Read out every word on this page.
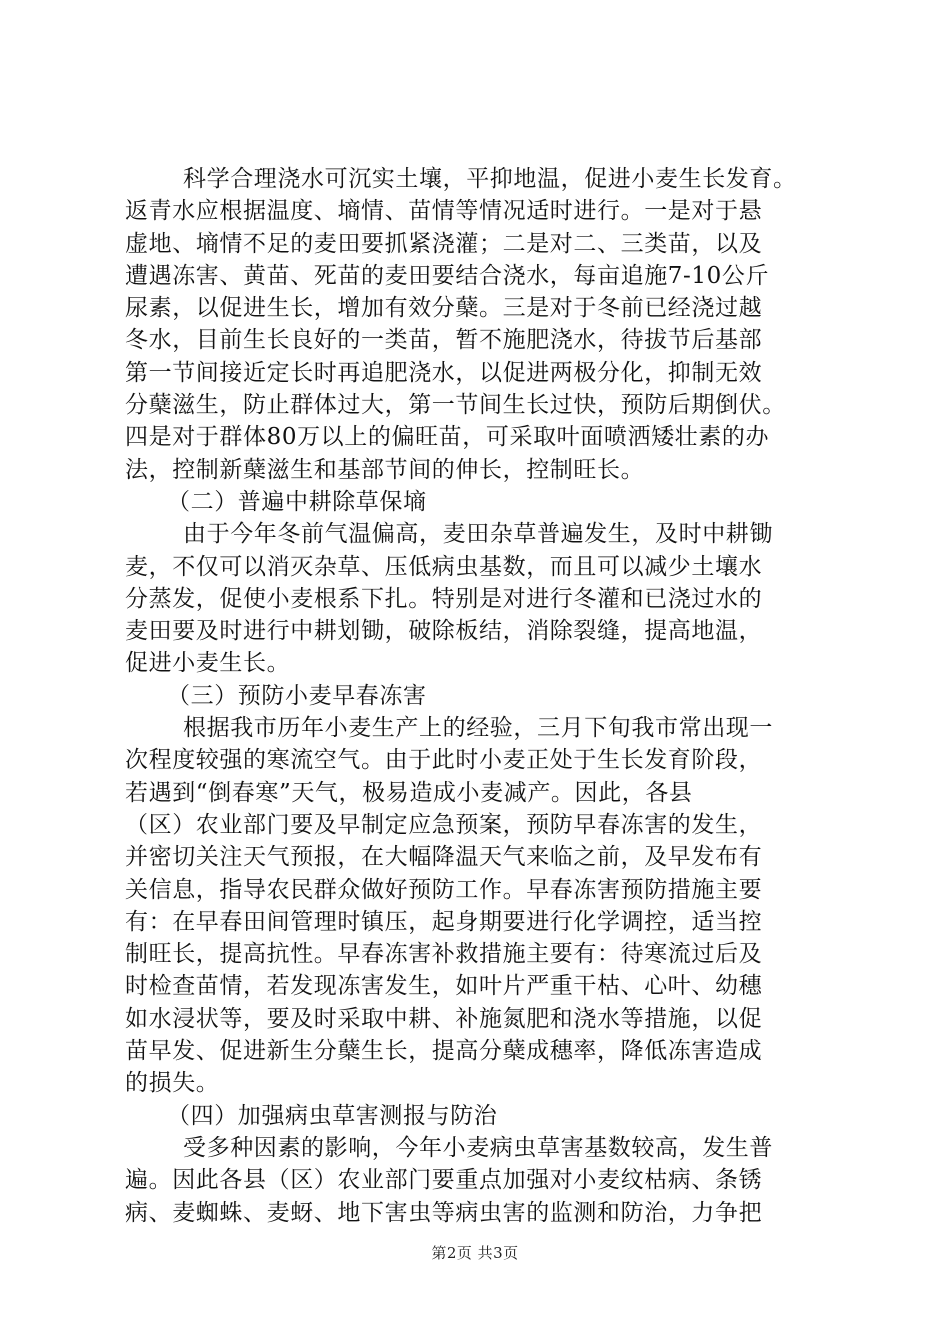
科学合理浇水可沉实土壤，平抑地温，促进小麦生长发育。
返青水应根据温度、墒情、苗情等情况适时进行。一是对于悬
虚地、墒情不足的麦田要抓紧浇灌；二是对二、三类苗，以及
遭遇冻害、黄苗、死苗的麦田要结合浇水，每亩追施7-10公斤
尿素，以促进生长，增加有效分蘖。三是对于冬前已经浇过越
冬水，目前生长良好的一类苗，暂不施肥浇水，待拔节后基部
第一节间接近定长时再追肥浇水，以促进两极分化，抑制无效
分蘖滋生，防止群体过大，第一节间生长过快，预防后期倒伏。
四是对于群体80万以上的偏旺苗，可采取叶面喷洒矮壮素的办
法，控制新蘖滋生和基部节间的伸长，控制旺长。
（二）普遍中耕除草保墒
由于今年冬前气温偏高，麦田杂草普遍发生，及时中耕锄
麦，不仅可以消灭杂草、压低病虫基数，而且可以减少土壤水
分蒸发，促使小麦根系下扎。特别是对进行冬灌和已浇过水的
麦田要及时进行中耕划锄，破除板结，消除裂缝，提高地温，
促进小麦生长。
（三）预防小麦早春冻害
根据我市历年小麦生产上的经验，三月下旬我市常出现一
次程度较强的寒流空气。由于此时小麦正处于生长发育阶段，
若遇到“倒春寒”天气，极易造成小麦减产。因此，各县
（区）农业部门要及早制定应急预案，预防早春冻害的发生，
并密切关注天气预报，在大幅降温天气来临之前，及早发布有
关信息，指导农民群众做好预防工作。早春冻害预防措施主要
有：在早春田间管理时镇压，起身期要进行化学调控，适当控
制旺长，提高抗性。早春冻害补救措施主要有：待寒流过后及
时检查苗情，若发现冻害发生，如叶片严重干枯、心叶、幼穗
如水浸状等，要及时采取中耕、补施氮肥和浇水等措施，以促
苗早发、促进新生分蘖生长，提高分蘖成穗率，降低冻害造成
的损失。
（四）加强病虫草害测报与防治
受多种因素的影响，今年小麦病虫草害基数较高，发生普
遍。因此各县（区）农业部门要重点加强对小麦纹枯病、条锈
病、麦蜘蛛、麦蚜、地下害虫等病虫害的监测和防治，力争把
第2页 共3页
